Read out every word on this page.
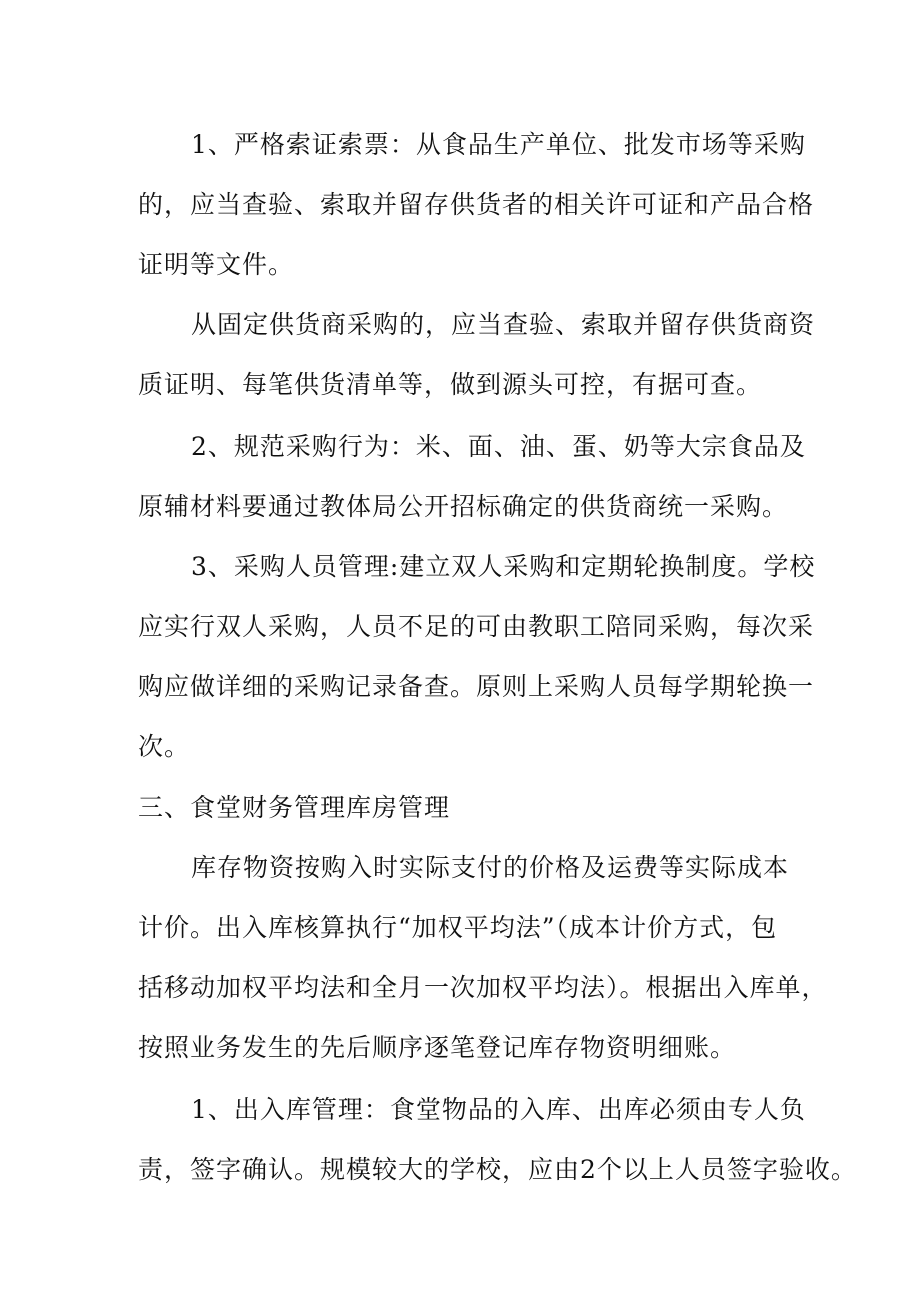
1、严格索证索票：从食品生产单位、批发市场等采购
的，应当查验、索取并留存供货者的相关许可证和产品合格
证明等文件。
从固定供货商采购的，应当查验、索取并留存供货商资
质证明、每笔供货清单等，做到源头可控，有据可查。
2、规范采购行为：米、面、油、蛋、奶等大宗食品及
原辅材料要通过教体局公开招标确定的供货商统一采购。
3、采购人员管理:建立双人采购和定期轮换制度。学校
应实行双人采购，人员不足的可由教职工陪同采购，每次采
购应做详细的采购记录备查。原则上采购人员每学期轮换一
次。
三、食堂财务管理库房管理
库存物资按购入时实际支付的价格及运费等实际成本
计价。出入库核算执行“加权平均法”（成本计价方式，包
括移动加权平均法和全月一次加权平均法）。根据出入库单，
按照业务发生的先后顺序逐笔登记库存物资明细账。
1、出入库管理：食堂物品的入库、出库必须由专人负
责，签字确认。规模较大的学校，应由2个以上人员签字验收。
